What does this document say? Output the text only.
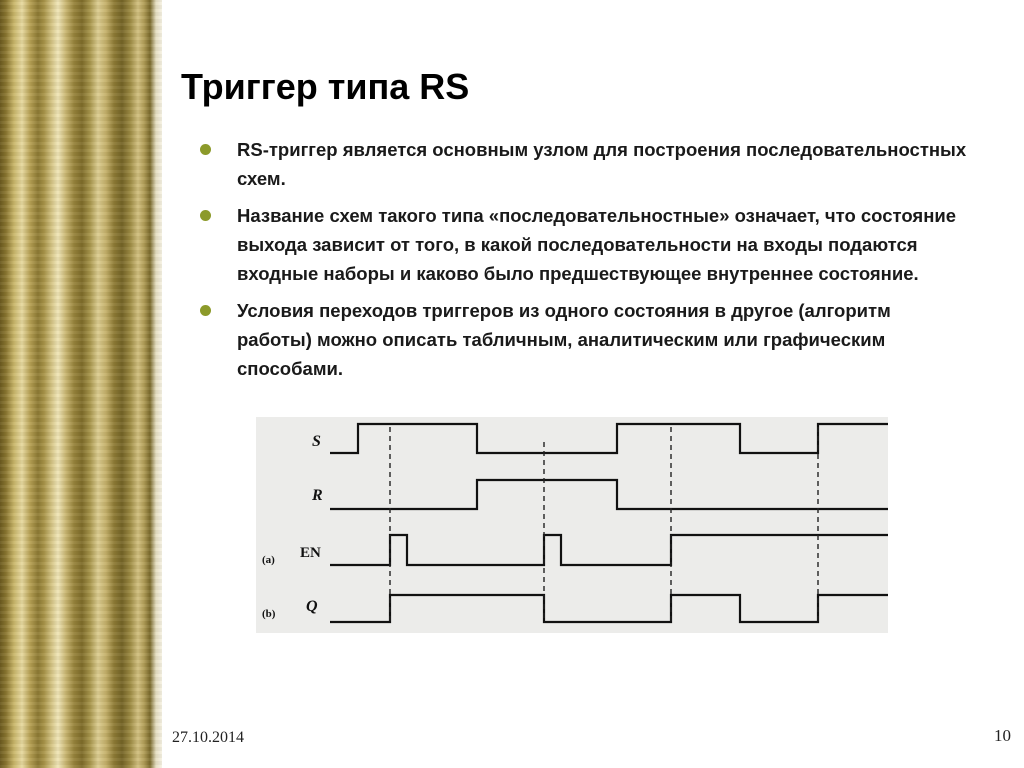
Триггер типа RS
RS-триггер является основным узлом для построения последовательностных схем.
Название схем такого типа «последовательностные» означает, что состояние выхода зависит от того, в какой последовательности на входы подаются входные наборы и каково было предшествующее внутреннее состояние.
Условия переходов триггеров из одного состояния в другое (алгоритм работы) можно описать табличным, аналитическим или графическим способами.
S
R
(a) EN
(b) Q
27.10.2014	10
